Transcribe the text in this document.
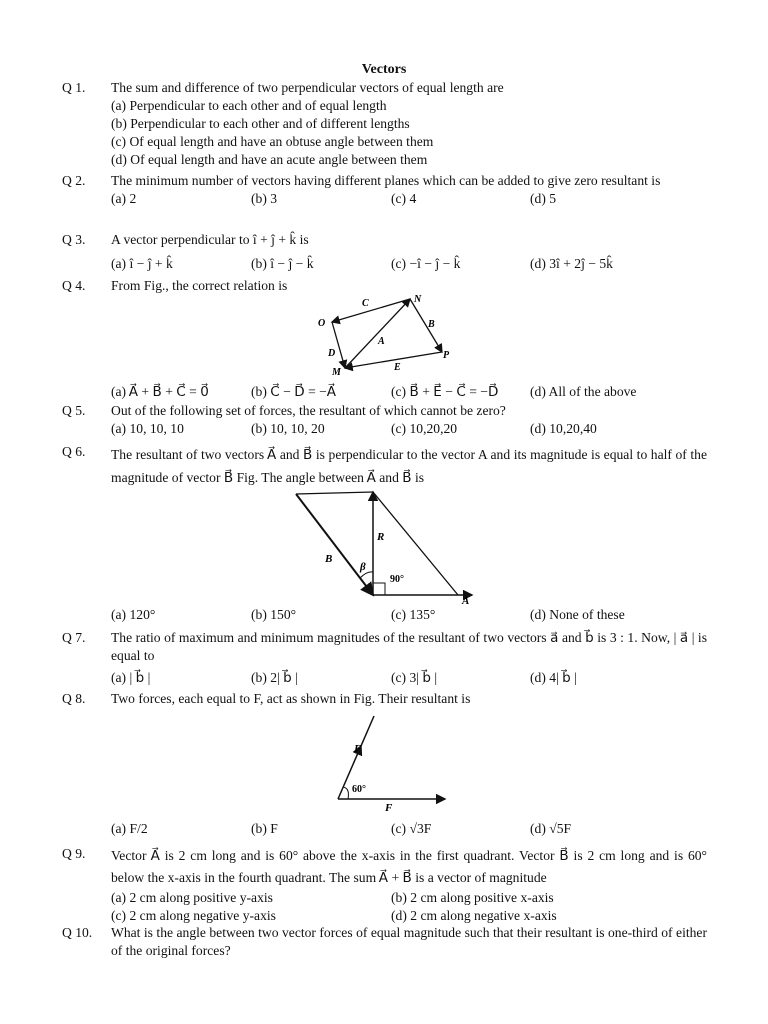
Vectors
Q 1.	The sum and difference of two perpendicular vectors of equal length are
(a) Perpendicular to each other and of equal length
(b) Perpendicular to each other and of different lengths
(c) Of equal length and have an obtuse angle between them
(d) Of equal length and have an acute angle between them
Q 2.	The minimum number of vectors having different planes which can be added to give zero resultant is
(a) 2	(b) 3	(c) 4	(d) 5
Q 3.	A vector perpendicular to î + ĵ + k̂ is
(a) î − ĵ + k̂	(b) î − ĵ − k̂	(c) −î − ĵ − k̂	(d) 3î + 2ĵ − 5k̂
Q 4.	From Fig., the correct relation is
C	N
O	B
A
D	P
M	E
(a) A⃗ + B⃗ + C⃗ = 0⃗	(b) C⃗ − D⃗ = −A⃗	(c) B⃗ + E⃗ − C⃗ = −D⃗ (d) All of the above
Q 5.	Out of the following set of forces, the resultant of which cannot be zero?
(a) 10, 10, 10	(b) 10, 10, 20	(c) 10,20,20	(d) 10,20,40
Q 6.	The resultant of two vectors A⃗ and B⃗ is perpendicular to the vector A and its magnitude is equal to half of the magnitude of vector B⃗ Fig. The angle between A⃗ and B⃗ is
R
B
β
90°
A
(a) 120°	(b) 150°	(c) 135°	(d) None of these
Q 7.	The ratio of maximum and minimum magnitudes of the resultant of two vectors a⃗ and b⃗ is 3 : 1. Now, | a⃗ | is equal to
(a) | b⃗ |	(b) 2| b⃗ |	(c) 3| b⃗ |	(d) 4| b⃗ |
Q 8.	Two forces, each equal to F, act as shown in Fig. Their resultant is
F
60°
F
(a) F/2	(b) F	(c) √3F	(d) √5F
Q 9.	Vector A⃗ is 2 cm long and is 60° above the x-axis in the first quadrant. Vector B⃗ is 2 cm long and is 60° below the x-axis in the fourth quadrant. The sum A⃗ + B⃗ is a vector of magnitude
(a) 2 cm along positive y-axis	(b) 2 cm along positive x-axis
(c) 2 cm along negative y-axis	(d) 2 cm along negative x-axis
Q 10.	What is the angle between two vector forces of equal magnitude such that their resultant is one-third of either of the original forces?
